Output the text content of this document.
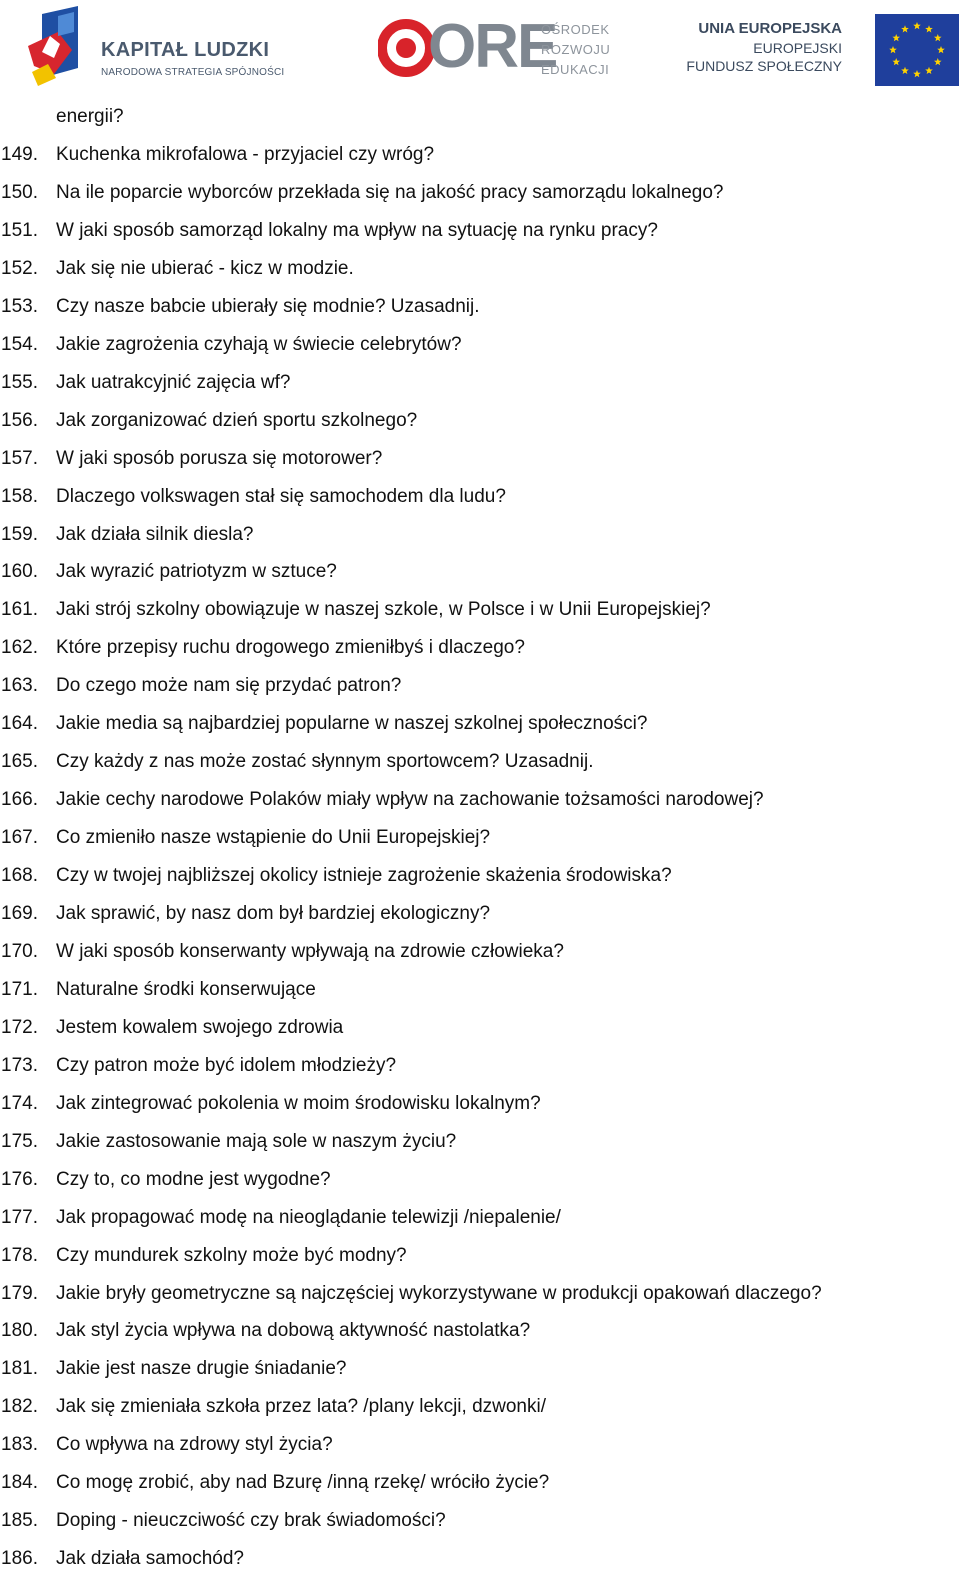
KAPITAŁ LUDZKI
NARODOWA STRATEGIA SPÓJNOŚCI ORE
OŚRODEK
ROZWOJU
EDUKACJI
UNIA EUROPEJSKA
EUROPEJSKI
FUNDUSZ SPOŁECZNY
energii?
149. Kuchenka mikrofalowa - przyjaciel czy wróg?
150. Na ile poparcie wyborców przekłada się na jakość pracy samorządu lokalnego?
151. W jaki sposób samorząd lokalny ma wpływ na sytuację na rynku pracy?
152. Jak się nie ubierać - kicz w modzie.
153. Czy nasze babcie ubierały się modnie? Uzasadnij.
154. Jakie zagrożenia czyhają w świecie celebrytów?
155. Jak uatrakcyjnić zajęcia wf?
156. Jak zorganizować dzień sportu szkolnego?
157. W jaki sposób porusza się motorower?
158. Dlaczego volkswagen stał się samochodem dla ludu?
159. Jak działa silnik diesla?
160. Jak wyrazić patriotyzm w sztuce?
161. Jaki strój szkolny obowiązuje w naszej szkole, w Polsce i w Unii Europejskiej?
162. Które przepisy ruchu drogowego zmieniłbyś i dlaczego?
163. Do czego może nam się przydać patron?
164. Jakie media są najbardziej popularne w naszej szkolnej społeczności?
165. Czy każdy z nas może zostać słynnym sportowcem? Uzasadnij.
166. Jakie cechy narodowe Polaków miały wpływ na zachowanie tożsamości narodowej?
167. Co zmieniło nasze wstąpienie do Unii Europejskiej?
168. Czy w twojej najbliższej okolicy istnieje zagrożenie skażenia środowiska?
169. Jak sprawić, by nasz dom był bardziej ekologiczny?
170. W jaki sposób konserwanty wpływają na zdrowie człowieka?
171. Naturalne środki konserwujące
172. Jestem kowalem swojego zdrowia
173. Czy patron może być idolem młodzieży?
174. Jak zintegrować pokolenia w moim środowisku lokalnym?
175. Jakie zastosowanie mają sole w naszym życiu?
176. Czy to, co modne jest wygodne?
177. Jak propagować modę na nieoglądanie telewizji /niepalenie/
178. Czy mundurek szkolny może być modny?
179. Jakie bryły geometryczne są najczęściej wykorzystywane w produkcji opakowań dlaczego?
180. Jak styl życia wpływa na dobową aktywność nastolatka?
181. Jakie jest nasze drugie śniadanie?
182. Jak się zmieniała szkoła przez lata? /plany lekcji, dzwonki/
183. Co wpływa na zdrowy styl życia?
184. Co mogę zrobić, aby nad Bzurę /inną rzekę/ wróciło życie?
185. Doping - nieuczciwość czy brak świadomości?
186. Jak działa samochód?
